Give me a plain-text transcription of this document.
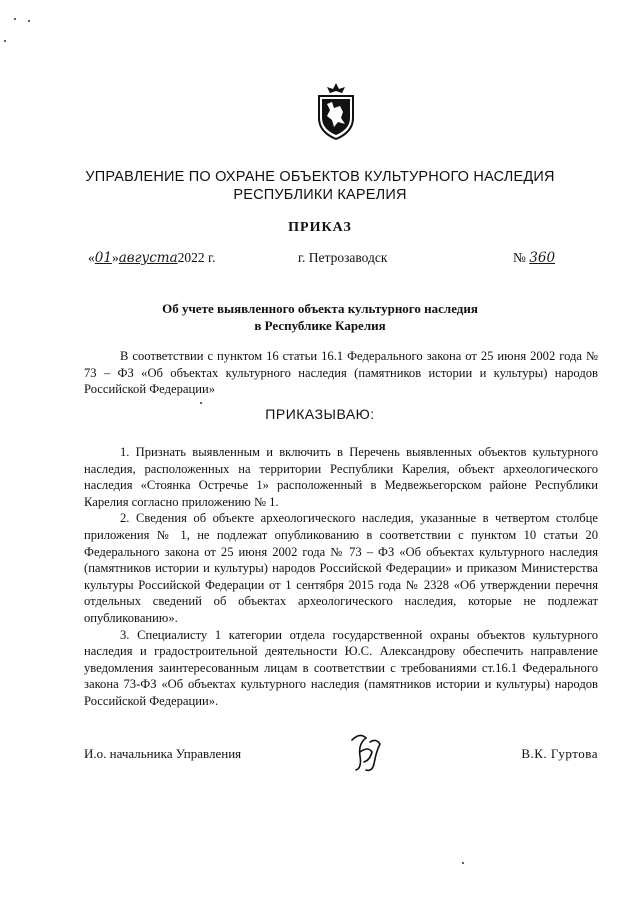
УПРАВЛЕНИЕ ПО ОХРАНЕ ОБЪЕКТОВ КУЛЬТУРНОГО НАСЛЕДИЯ
РЕСПУБЛИКИ КАРЕЛИЯ
ПРИКАЗ
«01»августа2022 г.	г. Петрозаводск	№ 360
Об учете выявленного объекта культурного наследия
в Республике Карелия

В соответствии с пунктом 16 статьи 16.1 Федерального закона от 25 июня 2002 года № 73 – ФЗ «Об объектах культурного наследия (памятников истории и культуры) народов Российской Федерации»

ПРИКАЗЫВАЮ:

1. Признать выявленным и включить в Перечень выявленных объектов культурного наследия, расположенных на территории Республики Карелия, объект археологического наследия «Стоянка Остречье 1» расположенный в Медвежьегорском районе Республики Карелия согласно приложению № 1.

2. Сведения об объекте археологического наследия, указанные в четвертом столбце приложения № 1, не подлежат опубликованию в соответствии с пунктом 10 статьи 20 Федерального закона от 25 июня 2002 года № 73 – ФЗ «Об объектах культурного наследия (памятников истории и культуры) народов Российской Федерации» и приказом Министерства культуры Российской Федерации от 1 сентября 2015 года № 2328 «Об утверждении перечня отдельных сведений об объектах археологического наследия, которые не подлежат опубликованию».

3. Специалисту 1 категории отдела государственной охраны объектов культурного наследия и градостроительной деятельности Ю.С. Александрову обеспечить направление уведомления заинтересованным лицам в соответствии с требованиями ст.16.1 Федерального закона 73-ФЗ «Об объектах культурного наследия (памятников истории и культуры) народов Российской Федерации».

И.о. начальника Управления	В.К. Гуртова
